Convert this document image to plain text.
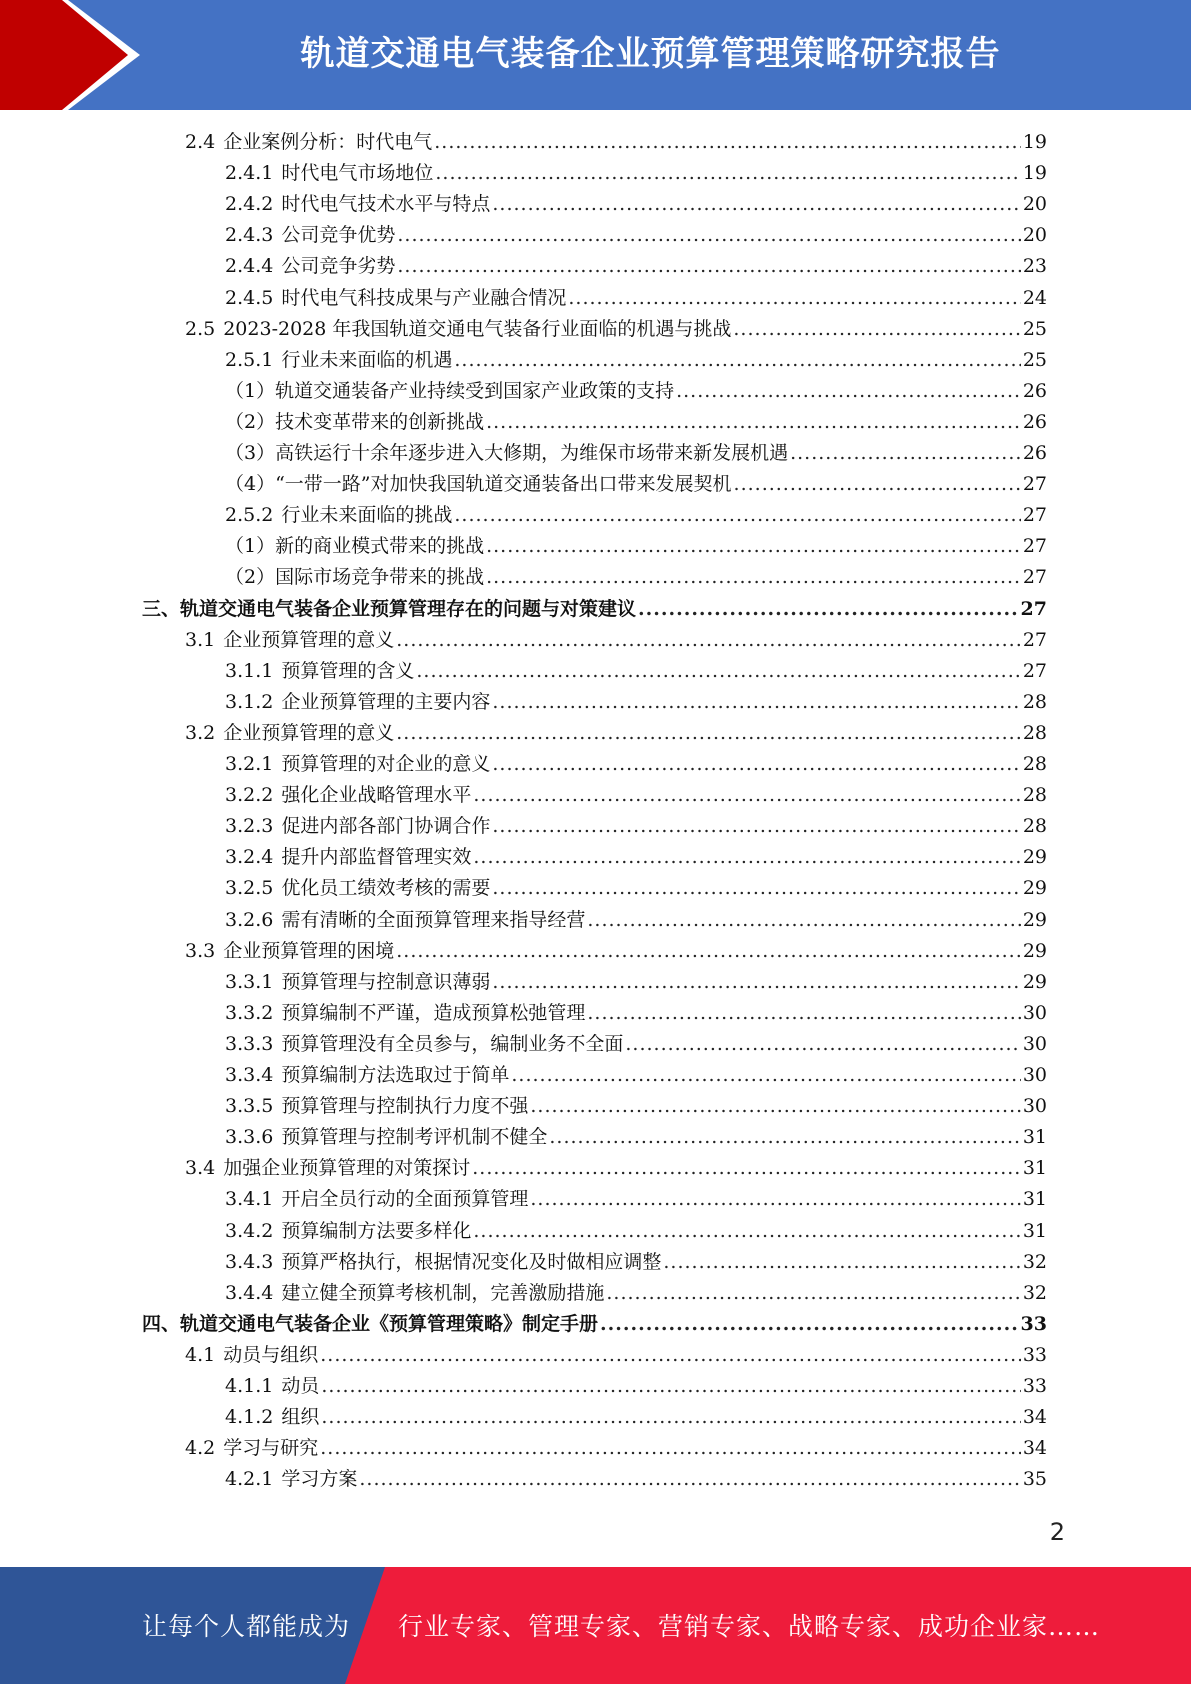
轨道交通电气装备企业预算管理策略研究报告
2.4 企业案例分析：时代电气 .....	19
2.4.1 时代电气市场地位 .....	19
2.4.2 时代电气技术水平与特点 .....	20
2.4.3 公司竞争优势 .....	20
2.4.4 公司竞争劣势 .....	23
2.4.5 时代电气科技成果与产业融合情况 .....	24
2.5 2023-2028 年我国轨道交通电气装备行业面临的机遇与挑战 .....	25
2.5.1 行业未来面临的机遇 .....	25
（1）轨道交通装备产业持续受到国家产业政策的支持 .....	26
（2）技术变革带来的创新挑战 .....	26
（3）高铁运行十余年逐步进入大修期，为维保市场带来新发展机遇 .....	26
（4）“一带一路”对加快我国轨道交通装备出口带来发展契机 .....	27
2.5.2 行业未来面临的挑战 .....	27
（1）新的商业模式带来的挑战 .....	27
（2）国际市场竞争带来的挑战 .....	27
三、轨道交通电气装备企业预算管理存在的问题与对策建议 .....	27
3.1 企业预算管理的意义 .....	27
3.1.1 预算管理的含义 .....	27
3.1.2 企业预算管理的主要内容 .....	28
3.2 企业预算管理的意义 .....	28
3.2.1 预算管理的对企业的意义 .....	28
3.2.2 强化企业战略管理水平 .....	28
3.2.3 促进内部各部门协调合作 .....	28
3.2.4 提升内部监督管理实效 .....	29
3.2.5 优化员工绩效考核的需要 .....	29
3.2.6 需有清晰的全面预算管理来指导经营 .....	29
3.3 企业预算管理的困境 .....	29
3.3.1 预算管理与控制意识薄弱 .....	29
3.3.2 预算编制不严谨，造成预算松弛管理 .....	30
3.3.3 预算管理没有全员参与，编制业务不全面 .....	30
3.3.4 预算编制方法选取过于简单 .....	30
3.3.5 预算管理与控制执行力度不强 .....	30
3.3.6 预算管理与控制考评机制不健全 .....	31
3.4 加强企业预算管理的对策探讨 .....	31
3.4.1 开启全员行动的全面预算管理 .....	31
3.4.2 预算编制方法要多样化 .....	31
3.4.3 预算严格执行，根据情况变化及时做相应调整 .....	32
3.4.4 建立健全预算考核机制，完善激励措施 .....	32
四、轨道交通电气装备企业《预算管理策略》制定手册 .....	33
4.1 动员与组织 .....	33
4.1.1 动员 .....	33
4.1.2 组织 .....	34
4.2 学习与研究 .....	34
4.2.1 学习方案 .....	35
2
让每个人都能成为 行业专家、管理专家、营销专家、战略专家、成功企业家……
